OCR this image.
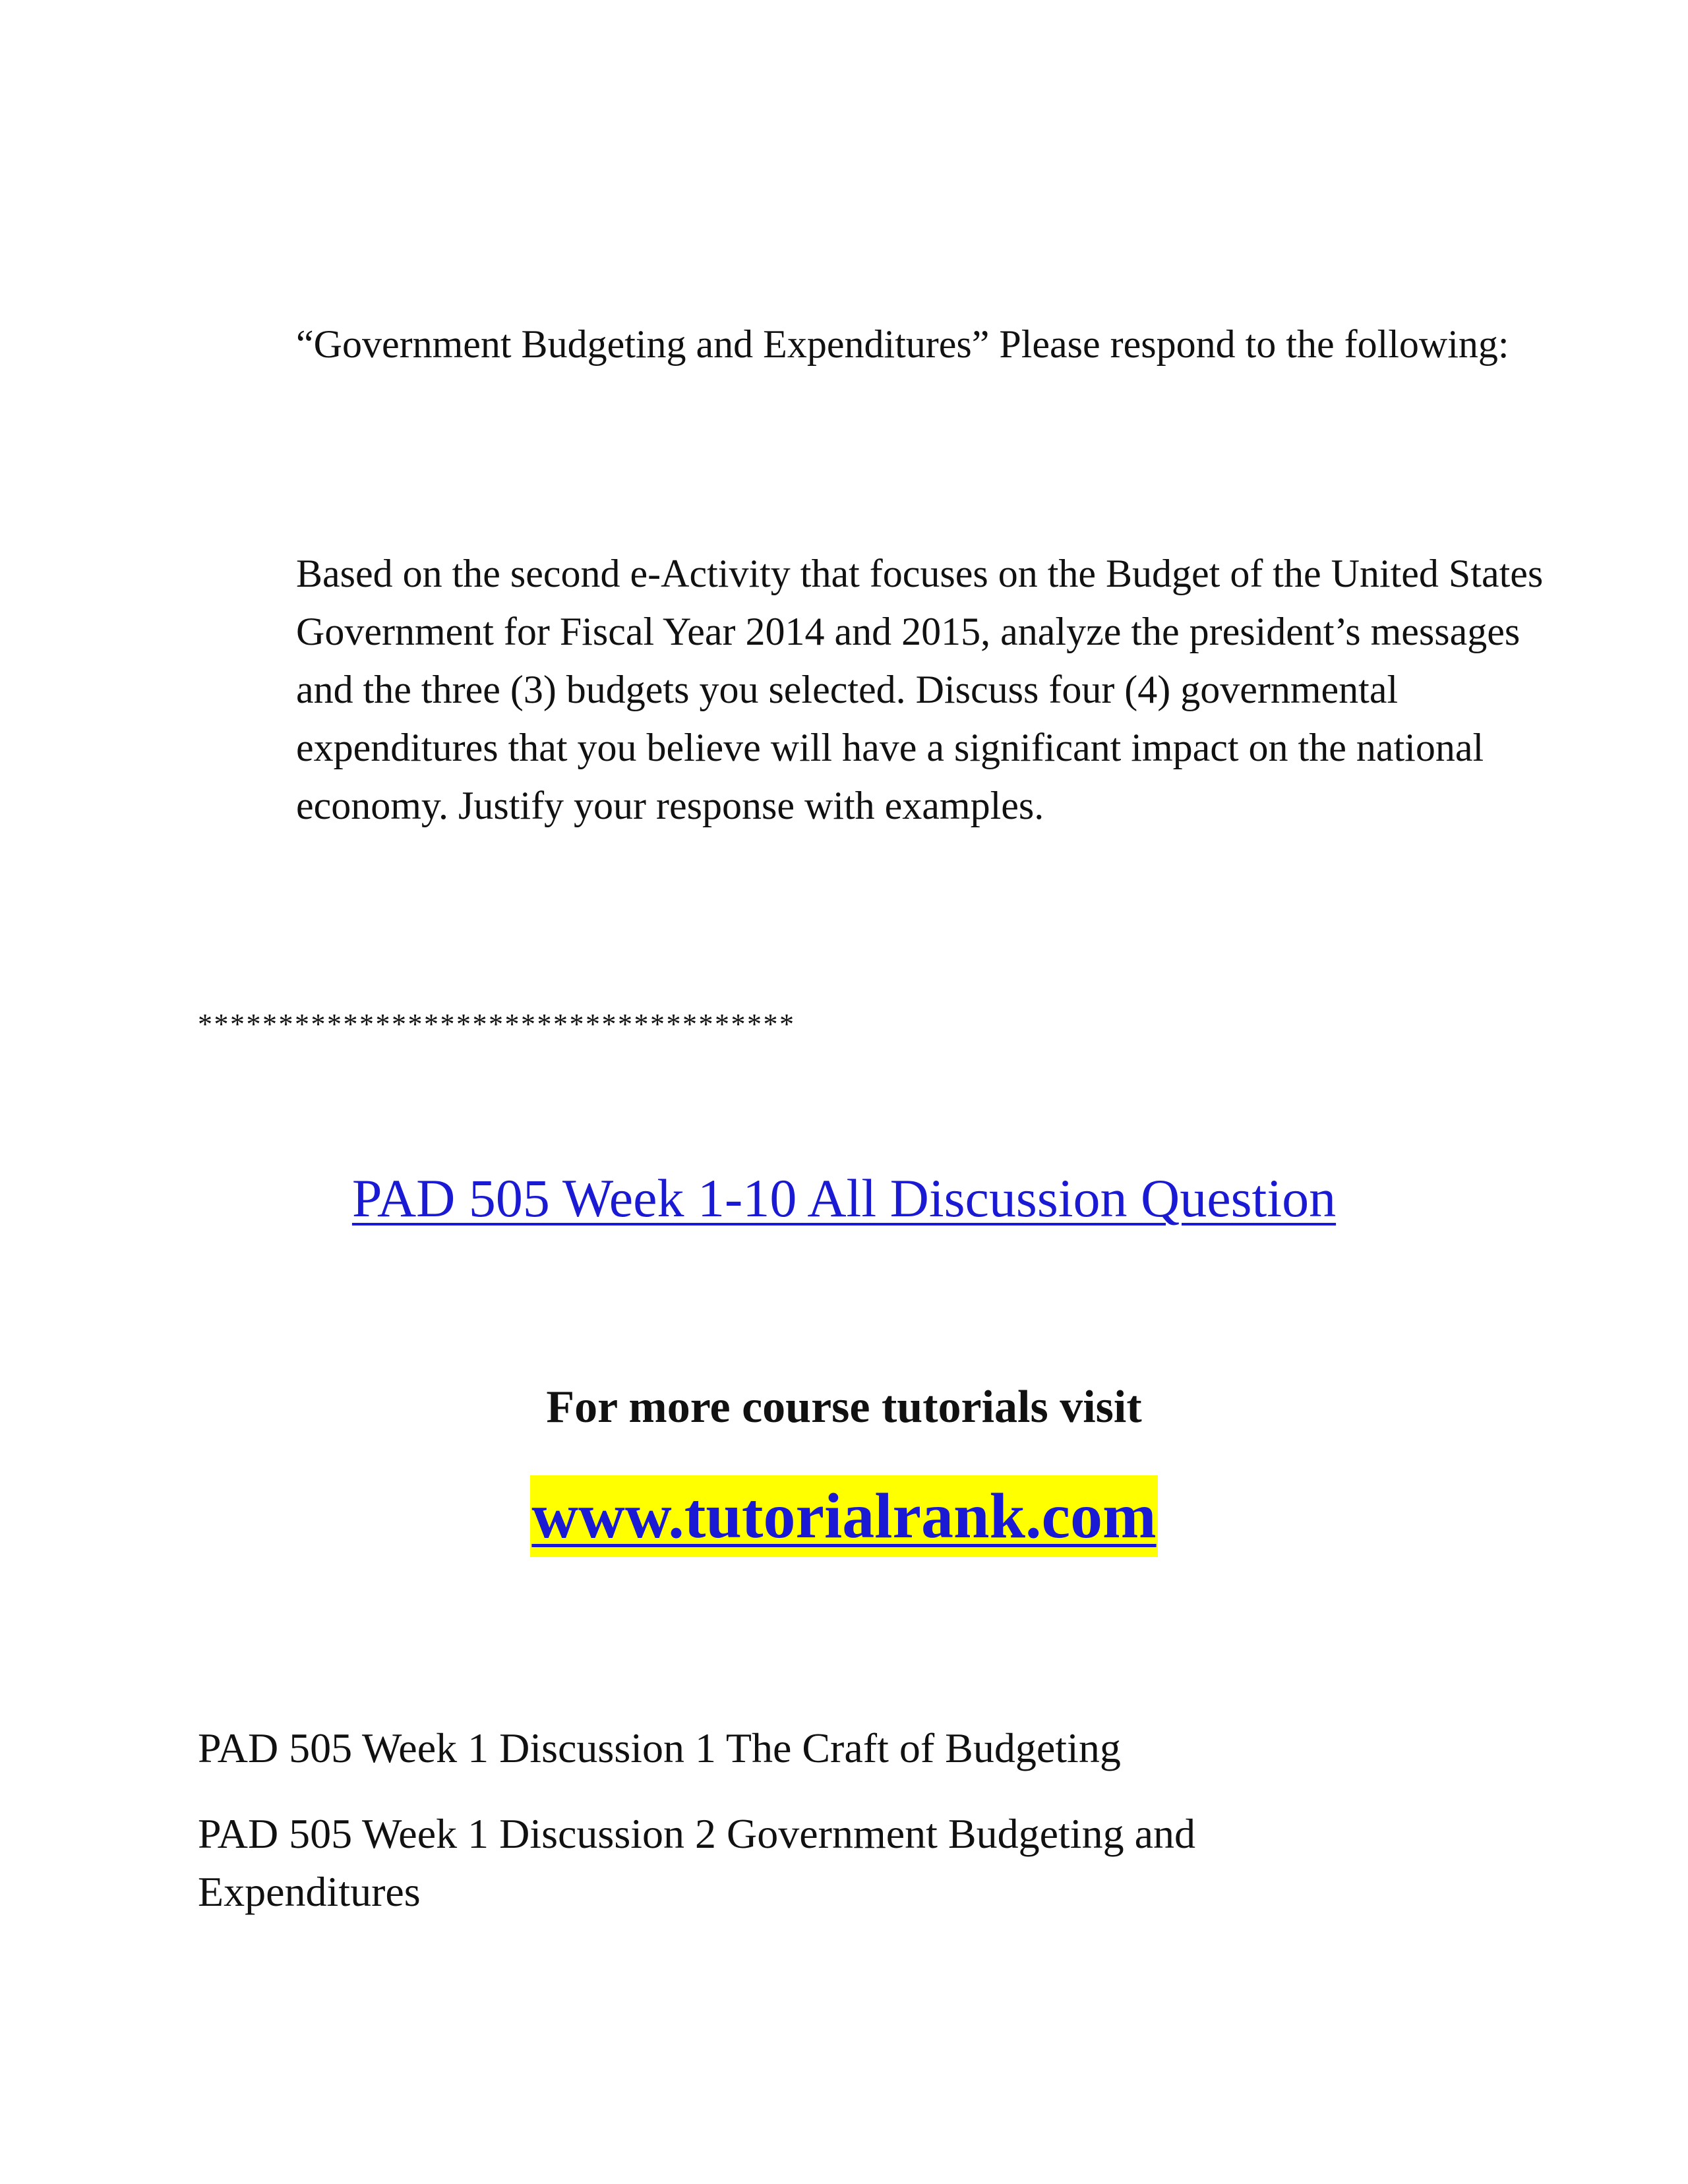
“Government Budgeting and Expenditures” Please respond to the following:

Based on the second e-Activity that focuses on the Budget of the United States Government for Fiscal Year 2014 and 2015, analyze the president’s messages and the three (3) budgets you selected. Discuss four (4) governmental expenditures that you believe will have a significant impact on the national economy. Justify your response with examples.

*************************************
PAD 505 Week 1-10 All Discussion Question
For more course tutorials visit
www.tutorialrank.com

PAD 505 Week 1 Discussion 1 The Craft of Budgeting

PAD 505 Week 1 Discussion 2 Government Budgeting and Expenditures
